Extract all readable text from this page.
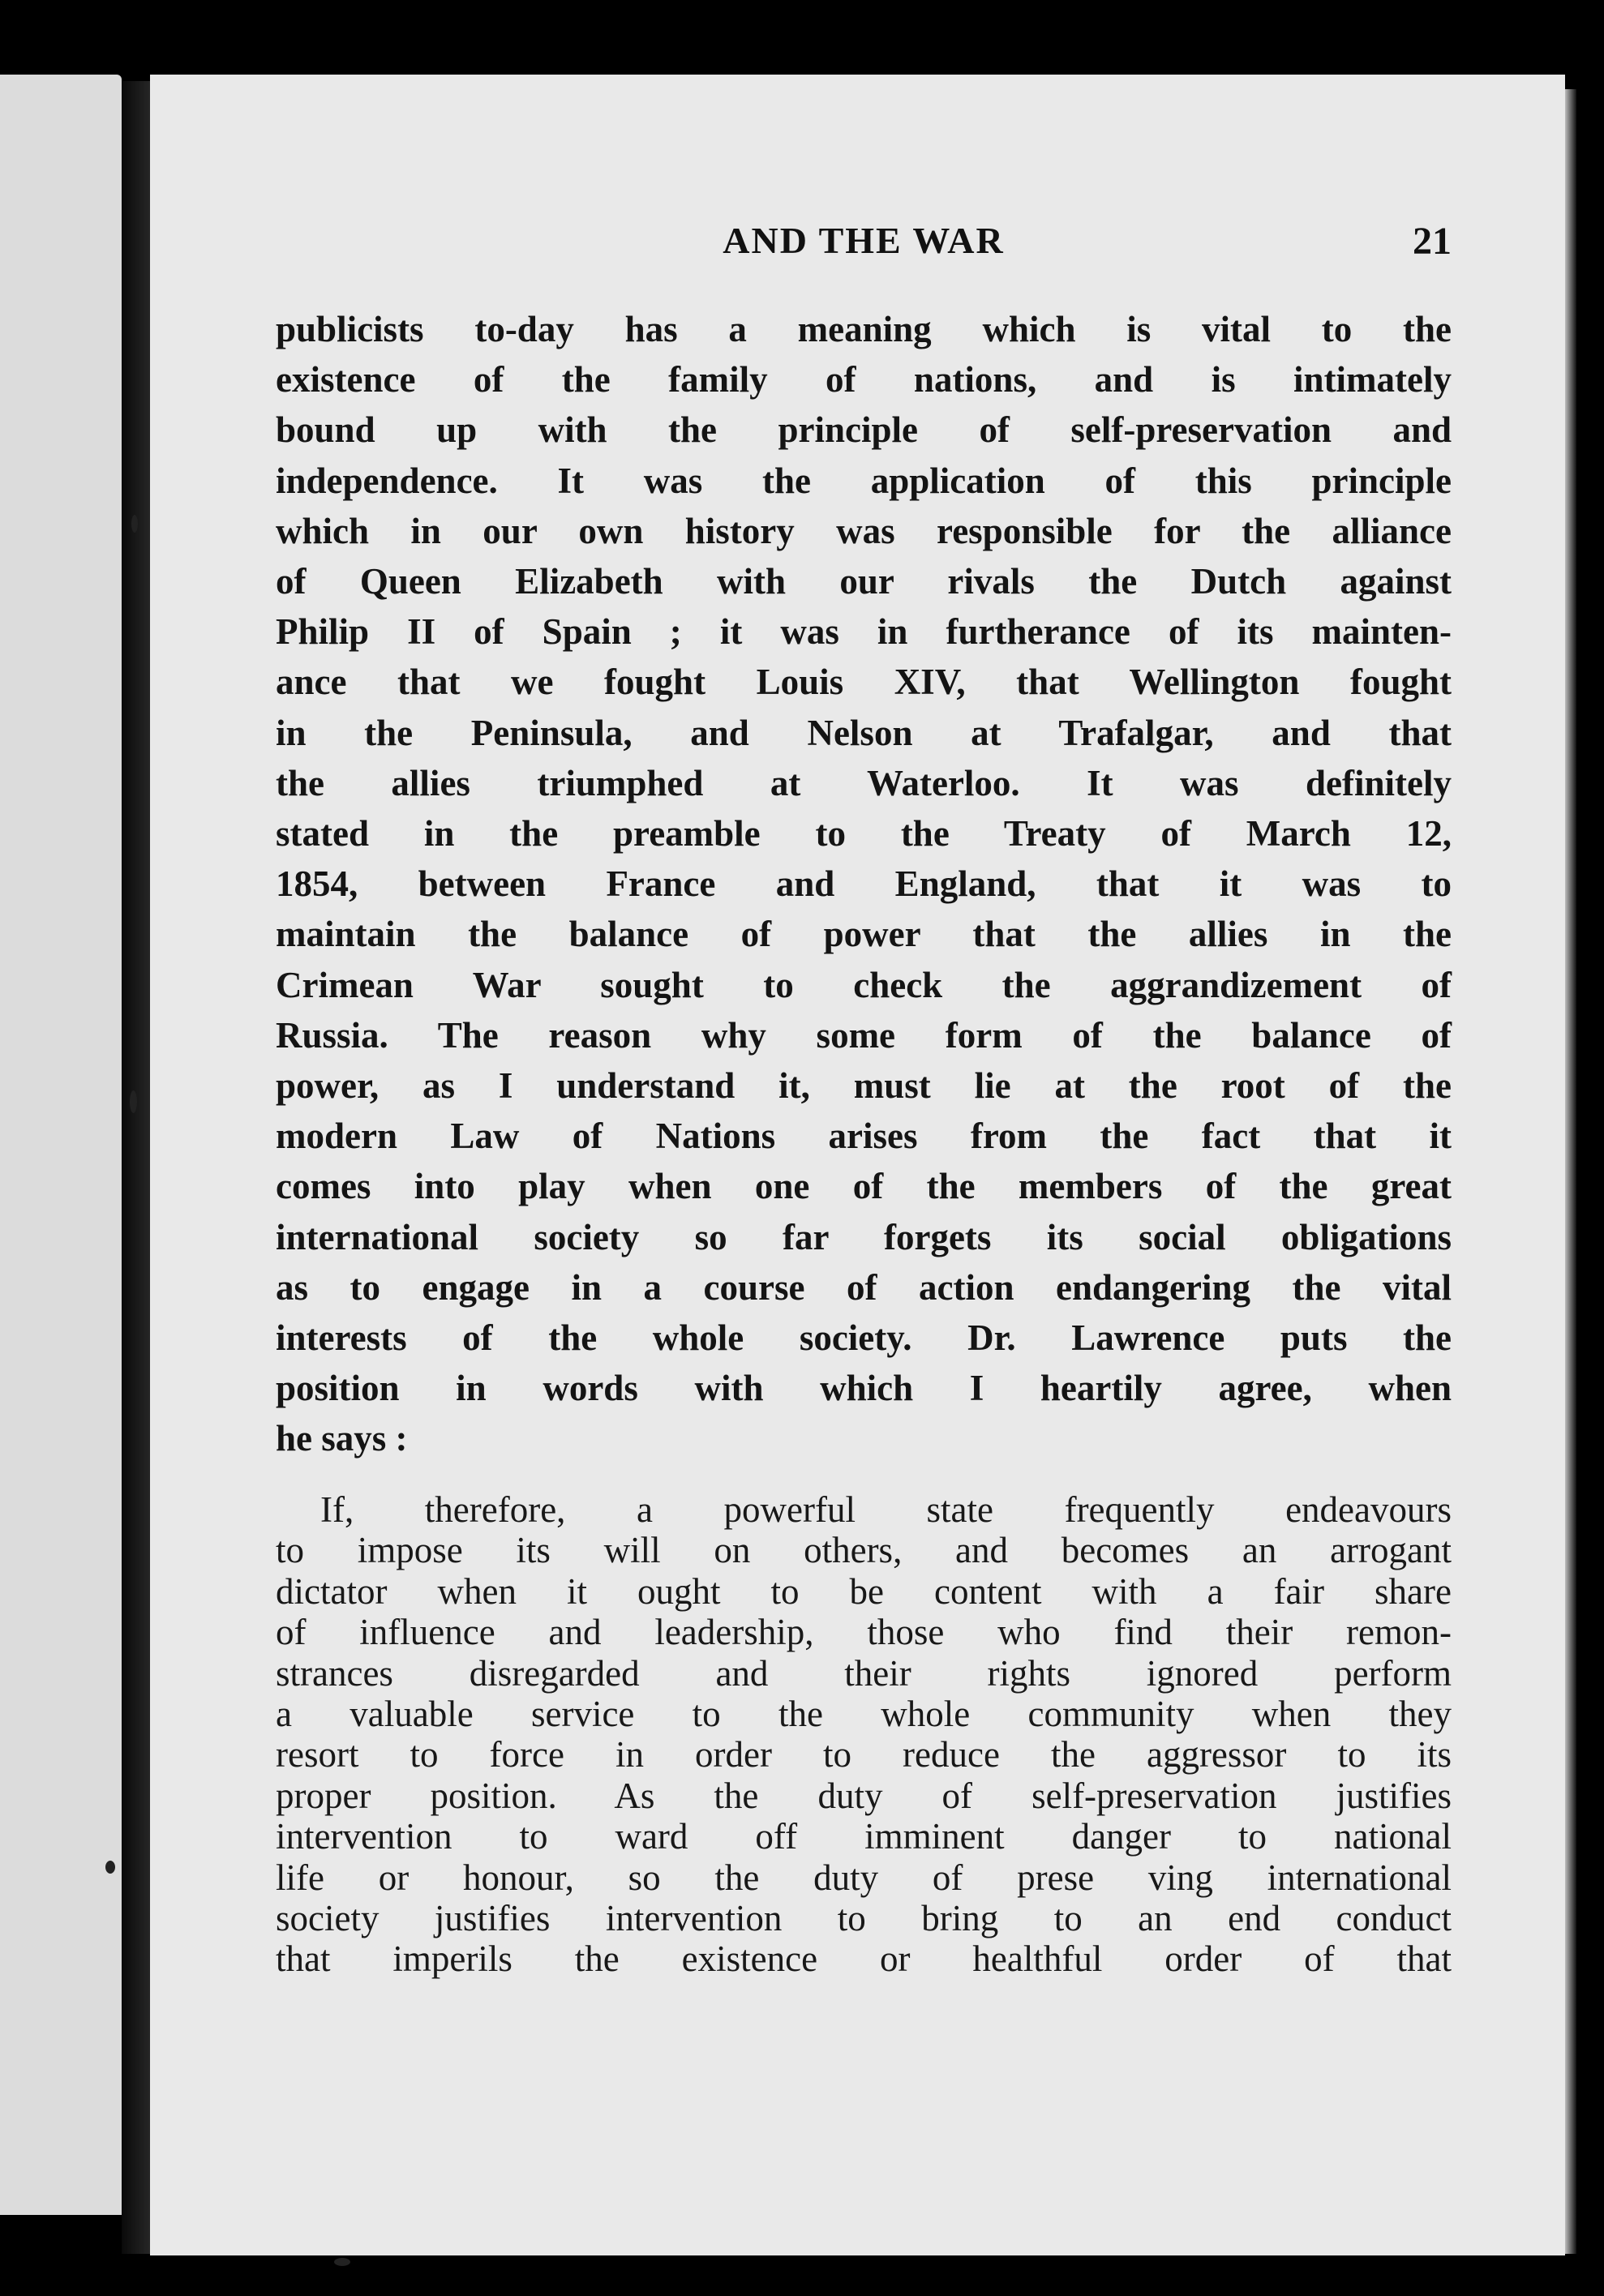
AND THE WAR	21
publicists to-day has a meaning which is vital to the
existence of the family of nations, and is intimately
bound up with the principle of self-preservation and
independence. It was the application of this principle
which in our own history was responsible for the alliance
of Queen Elizabeth with our rivals the Dutch against
Philip II of Spain ; it was in furtherance of its mainten-
ance that we fought Louis XIV, that Wellington fought
in the Peninsula, and Nelson at Trafalgar, and that
the allies triumphed at Waterloo. It was definitely
stated in the preamble to the Treaty of March 12,
1854, between France and England, that it was to
maintain the balance of power that the allies in the
Crimean War sought to check the aggrandizement of
Russia. The reason why some form of the balance of
power, as I understand it, must lie at the root of the
modern Law of Nations arises from the fact that it
comes into play when one of the members of the great
international society so far forgets its social obligations
as to engage in a course of action endangering the vital
interests of the whole society. Dr. Lawrence puts the
position in words with which I heartily agree, when
he says :
If, therefore, a powerful state frequently endeavours
to impose its will on others, and becomes an arrogant
dictator when it ought to be content with a fair share
of influence and leadership, those who find their remon-
strances disregarded and their rights ignored perform
a valuable service to the whole community when they
resort to force in order to reduce the aggressor to its
proper position. As the duty of self-preservation justifies
intervention to ward off imminent danger to national
life or honour, so the duty of prese ving international
society justifies intervention to bring to an end conduct
that imperils the existence or healthful order of that
